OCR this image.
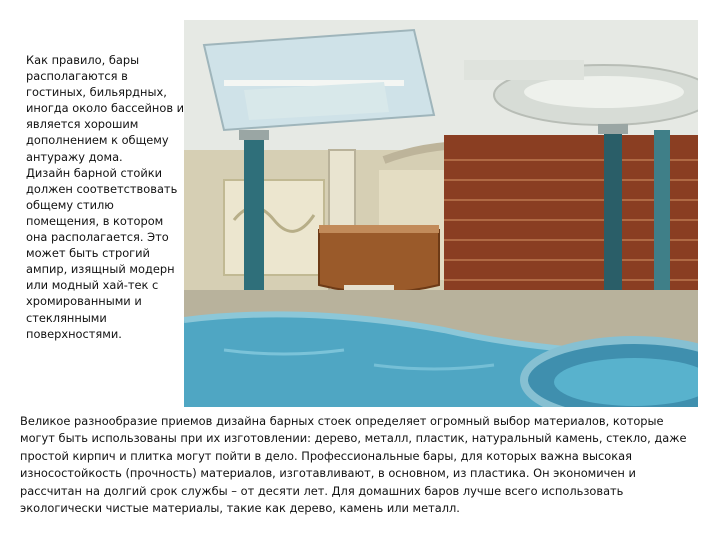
Как правило, бары
располагаются в
гостиных, бильярдных,
иногда около бассейнов и
является хорошим
дополнением к общему
антуражу дома.
Дизайн барной стойки
должен соответствовать
общему стилю
помещения, в котором
она располагается. Это
может быть строгий
ампир, изящный модерн
или модный хай-тек с
хромированными и
стеклянными
поверхностями.

Великое разнообразие приемов дизайна барных стоек определяет огромный выбор материалов, которые могут быть использованы при их изготовлении: дерево, металл, пластик, натуральный камень, стекло, даже простой кирпич и плитка могут пойти в дело. Профессиональные бары, для которых важна высокая износостойкость (прочность) материалов, изготавливают, в основном, из пластика. Он экономичен и рассчитан на долгий срок службы – от десяти лет. Для домашних баров лучше всего использовать экологически чистые материалы, такие как дерево, камень или металл.
